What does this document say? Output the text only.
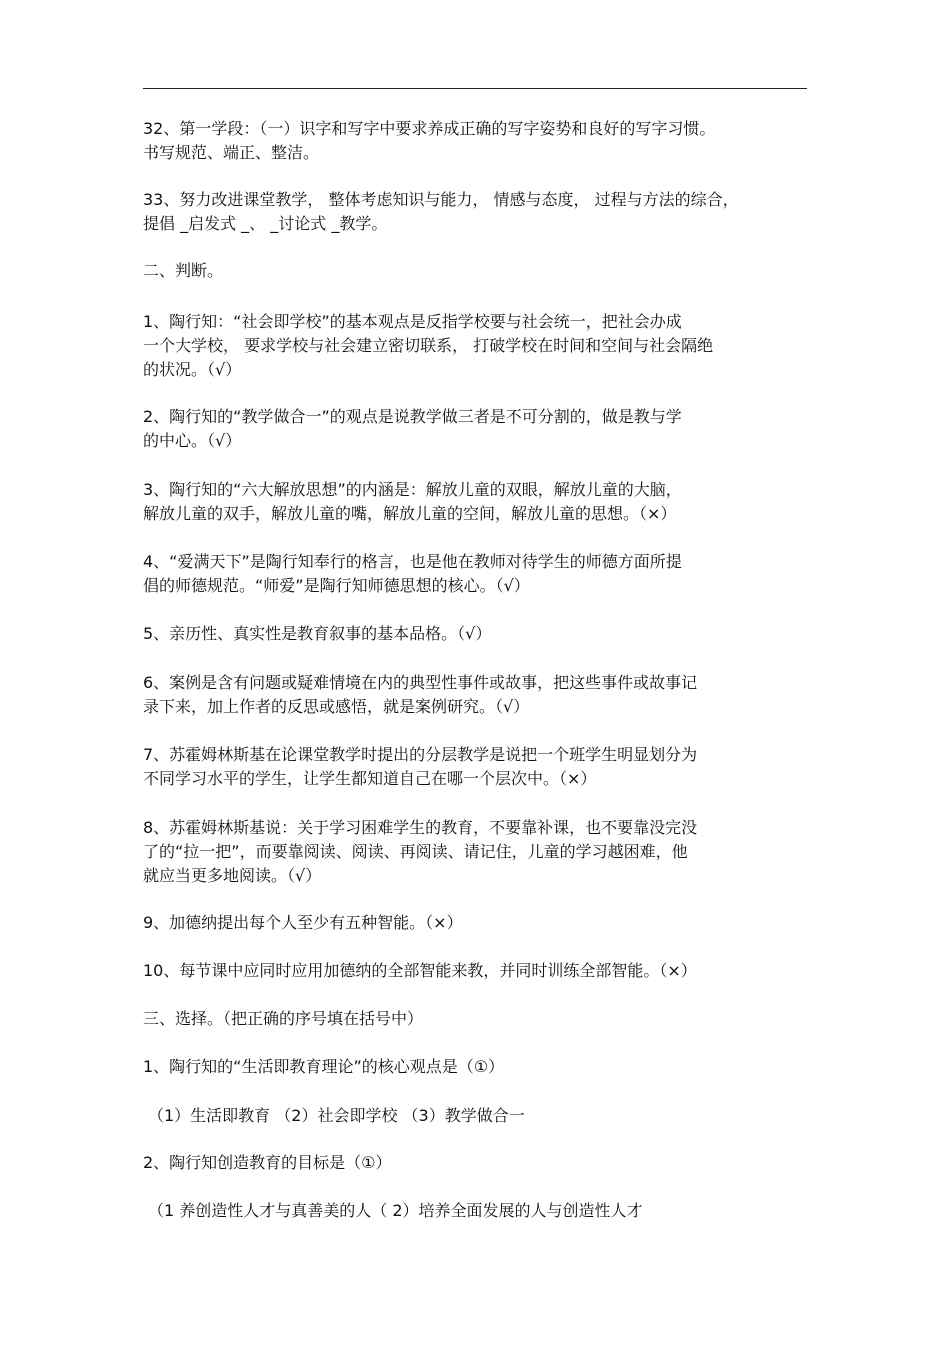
32、第一学段：（一）识字和写字中要求养成正确的写字姿势和良好的写字习惯。
书写规范、端正、整洁。
33、努力改进课堂教学， 整体考虑知识与能力， 情感与态度， 过程与方法的综合，
提倡 _启发式 _、 _讨论式 _教学。
二、判断。
1、陶行知：“社会即学校”的基本观点是反指学校要与社会统一，把社会办成
一个大学校， 要求学校与社会建立密切联系， 打破学校在时间和空间与社会隔绝
的状况。（√）
2、陶行知的“教学做合一”的观点是说教学做三者是不可分割的，做是教与学
的中心。（√）
3、陶行知的“六大解放思想”的内涵是：解放儿童的双眼，解放儿童的大脑，
解放儿童的双手，解放儿童的嘴，解放儿童的空间，解放儿童的思想。（×）
4、“爱满天下”是陶行知奉行的格言，也是他在教师对待学生的师德方面所提
倡的师德规范。“师爱”是陶行知师德思想的核心。（√）
5、亲历性、真实性是教育叙事的基本品格。（√）
6、案例是含有问题或疑难情境在内的典型性事件或故事，把这些事件或故事记
录下来，加上作者的反思或感悟，就是案例研究。（√）
7、苏霍姆林斯基在论课堂教学时提出的分层教学是说把一个班学生明显划分为
不同学习水平的学生，让学生都知道自己在哪一个层次中。（×）
8、苏霍姆林斯基说：关于学习困难学生的教育，不要靠补课，也不要靠没完没
了的“拉一把”，而要靠阅读、阅读、再阅读、请记住，儿童的学习越困难，他
就应当更多地阅读。（√）
9、加德纳提出每个人至少有五种智能。（×）
10、每节课中应同时应用加德纳的全部智能来教，并同时训练全部智能。（×）
三、选择。（把正确的序号填在括号中）
1、陶行知的“生活即教育理论”的核心观点是（①）
（1）生活即教育 （2）社会即学校 （3）教学做合一
2、陶行知创造教育的目标是（①）
（1 养创造性人才与真善美的人（ 2）培养全面发展的人与创造性人才
